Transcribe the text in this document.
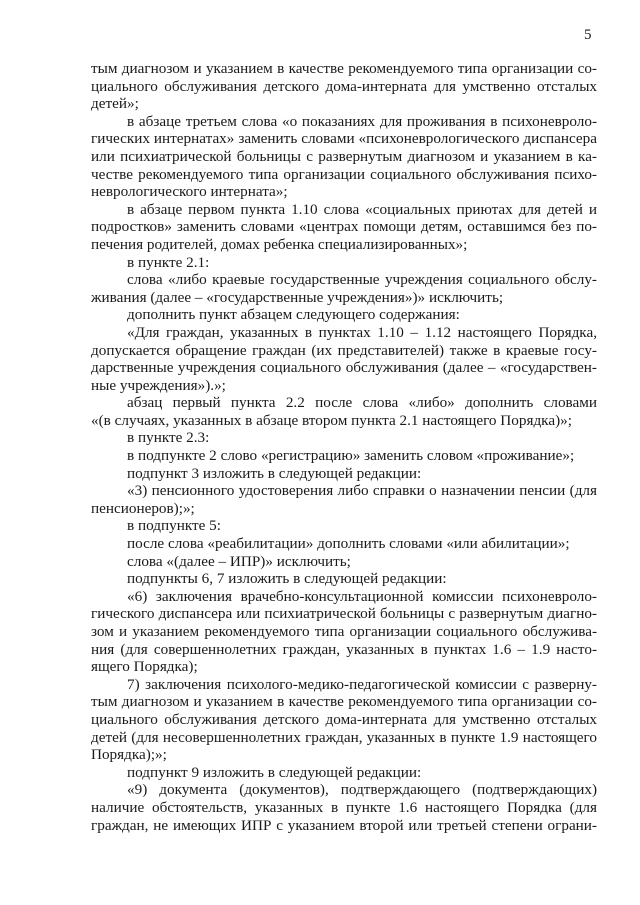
5
тым диагнозом и указанием в качестве рекомендуемого типа организации со-
циального обслуживания детского дома-интерната для умственно отсталых
детей»;
в абзаце третьем слова «о показаниях для проживания в психоневроло-
гических интернатах» заменить словами «психоневрологического диспансера
или психиатрической больницы с развернутым диагнозом и указанием в ка-
честве рекомендуемого типа организации социального обслуживания психо-
неврологического интерната»;
в абзаце первом пункта 1.10 слова «социальных приютах для детей и
подростков» заменить словами «центрах помощи детям, оставшимся без по-
печения родителей, домах ребенка специализированных»;
в пункте 2.1:
слова «либо краевые государственные учреждения социального обслу-
живания (далее – «государственные учреждения»)» исключить;
дополнить пункт абзацем следующего содержания:
«Для граждан, указанных в пунктах 1.10 – 1.12 настоящего Порядка,
допускается обращение граждан (их представителей) также в краевые госу-
дарственные учреждения социального обслуживания (далее – «государствен-
ные учреждения»).»;
абзац первый пункта 2.2 после слова «либо» дополнить словами
«(в случаях, указанных в абзаце втором пункта 2.1 настоящего Порядка)»;
в пункте 2.3:
в подпункте 2 слово «регистрацию» заменить словом «проживание»;
подпункт 3 изложить в следующей редакции:
«3) пенсионного удостоверения либо справки о назначении пенсии (для
пенсионеров);»;
в подпункте 5:
после слова «реабилитации» дополнить словами «или абилитации»;
слова «(далее – ИПР)» исключить;
подпункты 6, 7 изложить в следующей редакции:
«6) заключения врачебно-консультационной комиссии психоневроло-
гического диспансера или психиатрической больницы с развернутым диагно-
зом и указанием рекомендуемого типа организации социального обслужива-
ния (для совершеннолетних граждан, указанных в пунктах 1.6 – 1.9 насто-
ящего Порядка);
7) заключения психолого-медико-педагогической комиссии с разверну-
тым диагнозом и указанием в качестве рекомендуемого типа организации со-
циального обслуживания детского дома-интерната для умственно отсталых
детей (для несовершеннолетних граждан, указанных в пункте 1.9 настоящего
Порядка);»;
подпункт 9 изложить в следующей редакции:
«9) документа (документов), подтверждающего (подтверждающих)
наличие обстоятельств, указанных в пункте 1.6 настоящего Порядка (для
граждан, не имеющих ИПР с указанием второй или третьей степени ограни-
